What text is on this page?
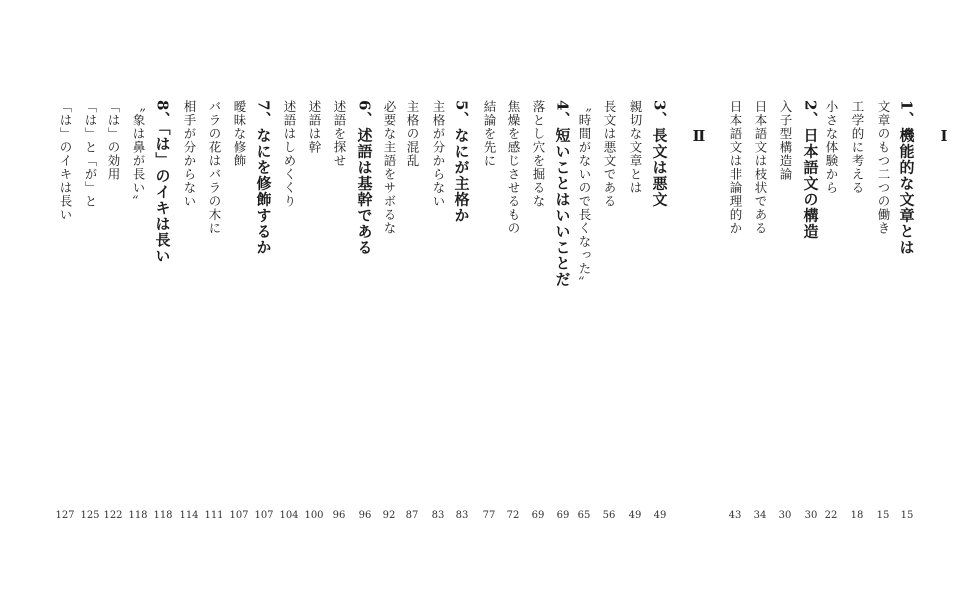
Ⅰ
Ⅱ	1、機能的な文章とは
15
文章のもつ二つの働き
15
工学的に考える
18
小さな体験から
22
2、日本語文の構造
30
入子型構造論
30
日本語文は枝状である
34
日本語文は非論理的か
43
3、長文は悪文
49
親切な文章とは
49
長文は悪文である
56
〝時間がないので長くなった〟
65
4、短いことはいいことだ
69
落とし穴を掘るな
69
焦燥を感じさせるもの
72
結論を先に
77
5、なにが主格か
83
主格が分からない
83
主格の混乱
87
必要な主語をサボるな
92
6、述語は基幹である
96
述語を探せ
96
述語は幹
100
述語はしめくくり
104
7、なにを修飾するか
107
曖昧な修飾
107
バラの花はバラの木に
111
相手が分からない
114
8、「は」のイキは長い
118
〝象は鼻が長い〟
118
「は」の効用
122
「は」と「が」と
125
「は」のイキは長い
127
